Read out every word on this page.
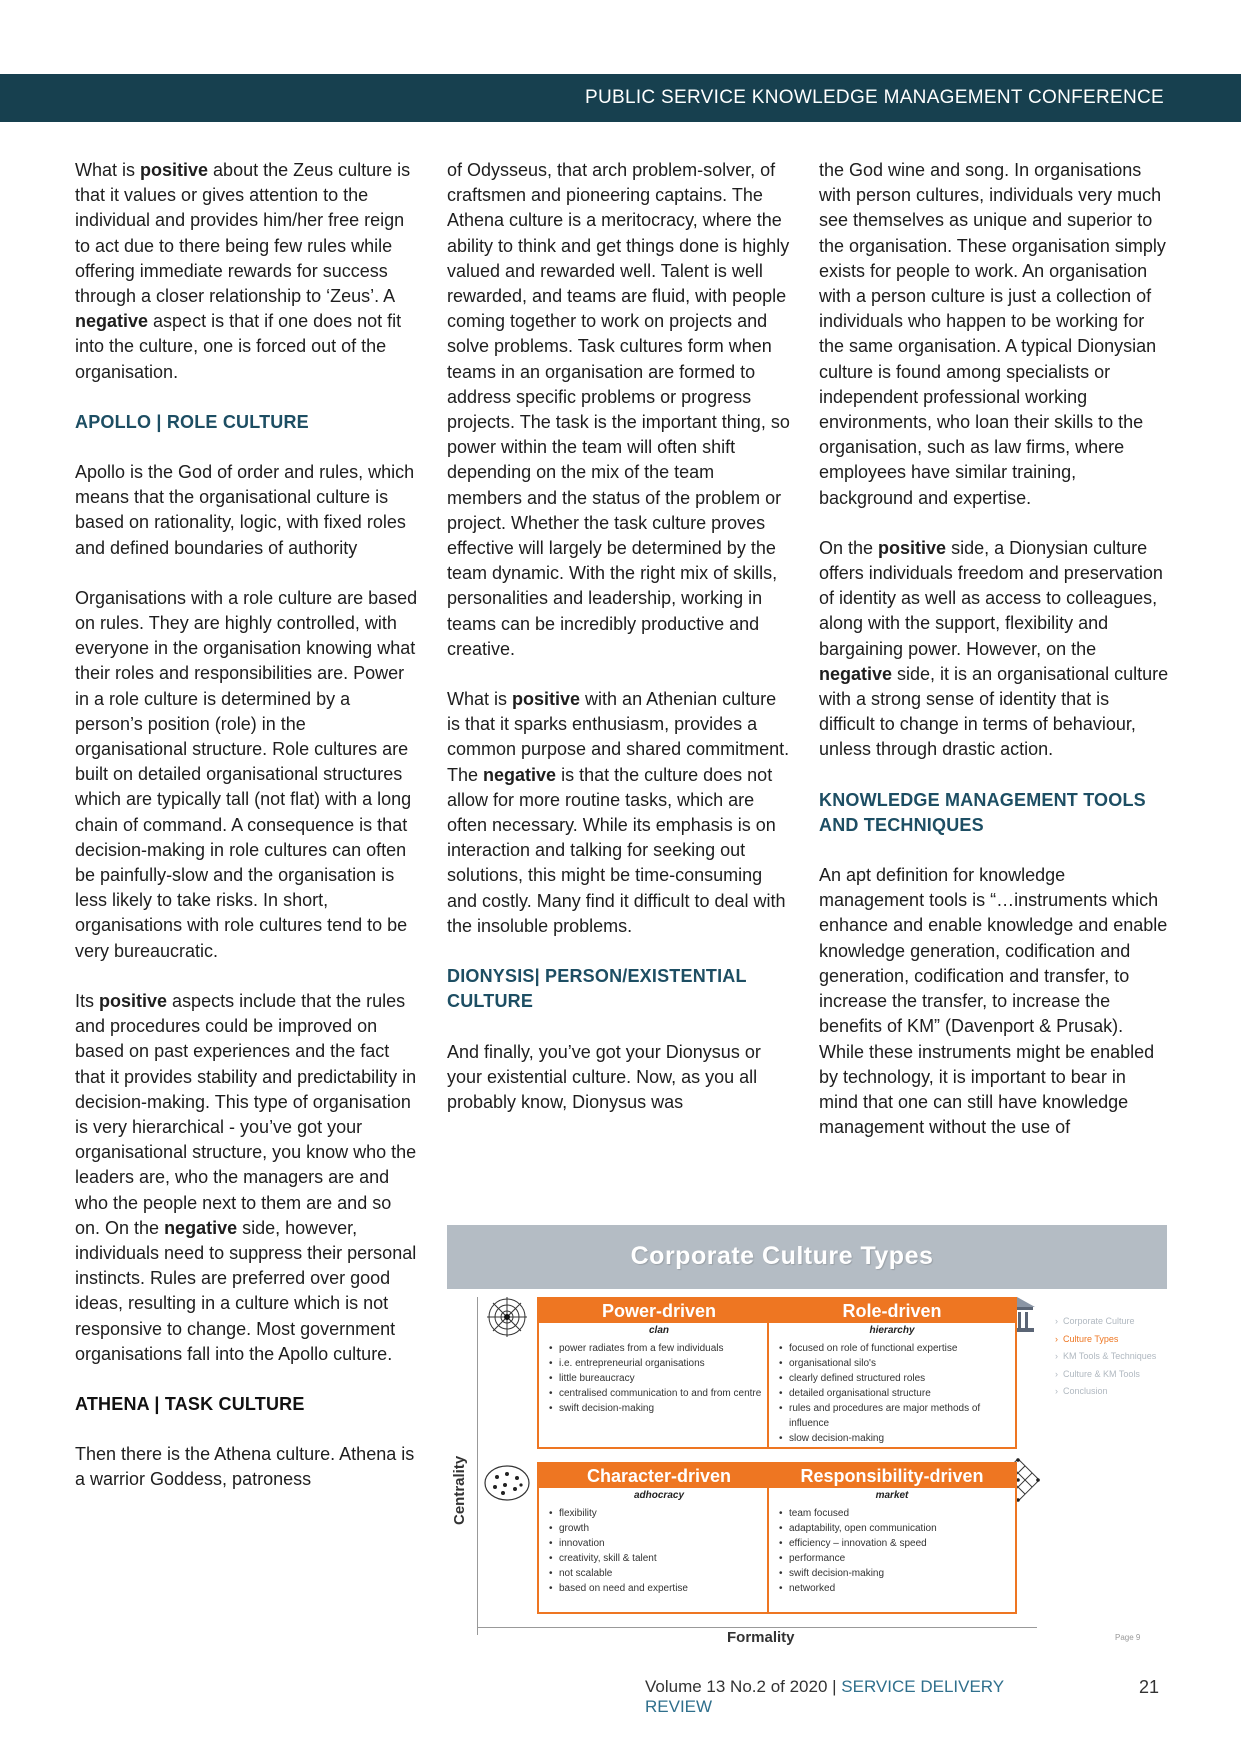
PUBLIC SERVICE KNOWLEDGE MANAGEMENT CONFERENCE

What is positive about the Zeus culture is that it values or gives attention to the individual and provides him/her free reign to act due to there being few rules while offering immediate rewards for success through a closer relationship to ‘Zeus’. A negative aspect is that if one does not fit into the culture, one is forced out of the organisation.

APOLLO | ROLE CULTURE

Apollo is the God of order and rules, which means that the organisational culture is based on rationality, logic, with fixed roles and defined boundaries of authority

Organisations with a role culture are based on rules. They are highly controlled, with everyone in the organisation knowing what their roles and responsibilities are. Power in a role culture is determined by a person’s position (role) in the organisational structure. Role cultures are built on detailed organisational structures which are typically tall (not flat) with a long chain of command. A consequence is that decision-making in role cultures can often be painfully-slow and the organisation is less likely to take risks. In short, organisations with role cultures tend to be very bureaucratic.

Its positive aspects include that the rules and procedures could be improved on based on past experiences and the fact that it provides stability and predictability in decision-making. This type of organisation is very hierarchical - you’ve got your organisational structure, you know who the leaders are, who the managers are and who the people next to them are and so on. On the negative side, however, individuals need to suppress their personal instincts. Rules are preferred over good ideas, resulting in a culture which is not responsive to change. Most government organisations fall into the Apollo culture.

ATHENA | TASK CULTURE

Then there is the Athena culture. Athena is a warrior Goddess, patroness

of Odysseus, that arch problem-solver, of craftsmen and pioneering captains. The Athena culture is a meritocracy, where the ability to think and get things done is highly valued and rewarded well. Talent is well rewarded, and teams are fluid, with people coming together to work on projects and solve problems. Task cultures form when teams in an organisation are formed to address specific problems or progress projects. The task is the important thing, so power within the team will often shift depending on the mix of the team members and the status of the problem or project. Whether the task culture proves effective will largely be determined by the team dynamic. With the right mix of skills, personalities and leadership, working in teams can be incredibly productive and creative.

What is positive with an Athenian culture is that it sparks enthusiasm, provides a common purpose and shared commitment. The negative is that the culture does not allow for more routine tasks, which are often necessary. While its emphasis is on interaction and talking for seeking out solutions, this might be time-consuming and costly. Many find it difficult to deal with the insoluble problems.

DIONYSIS| PERSON/EXISTENTIAL CULTURE

And finally, you’ve got your Dionysus or your existential culture. Now, as you all probably know, Dionysus was

the God wine and song. In organisations with person cultures, individuals very much see themselves as unique and superior to the organisation. These organisation simply exists for people to work. An organisation with a person culture is just a collection of individuals who happen to be working for the same organisation. A typical Dionysian culture is found among specialists or independent professional working environments, who loan their skills to the organisation, such as law firms, where employees have similar training, background and expertise.

On the positive side, a Dionysian culture offers individuals freedom and preservation of identity as well as access to colleagues, along with the support, flexibility and bargaining power. However, on the negative side, it is an organisational culture with a strong sense of identity that is difficult to change in terms of behaviour, unless through drastic action.

KNOWLEDGE MANAGEMENT TOOLS AND TECHNIQUES

An apt definition for knowledge management tools is “…instruments which enhance and enable knowledge and enable knowledge generation, codification and generation, codification and transfer, to increase the transfer, to increase the benefits of KM” (Davenport & Prusak). While these instruments might be enabled by technology, it is important to bear in mind that one can still have knowledge management without the use of

Corporate Culture Types
Centrality
Formality	Page 9
Power-driven
clan
• power radiates from a few individuals
• i.e. entrepreneurial organisations
• little bureaucracy
• centralised communication to and from centre
• swift decision-making
Role-driven
hierarchy
• focused on role of functional expertise
• organisational silo's
• clearly defined structured roles
• detailed organisational structure
• rules and procedures are major methods of influence
• slow decision-making
Character-driven
adhocracy
• flexibility
• growth
• innovation
• creativity, skill & talent
• not scalable
• based on need and expertise
Responsibility-driven
market
• team focused
• adaptability, open communication
• efficiency – innovation & speed
• performance
• swift decision-making
• networked
› Corporate Culture
› Culture Types
› KM Tools & Techniques
› Culture & KM Tools
› Conclusion
Volume 13 No.2 of 2020 | SERVICE DELIVERY REVIEW
21
